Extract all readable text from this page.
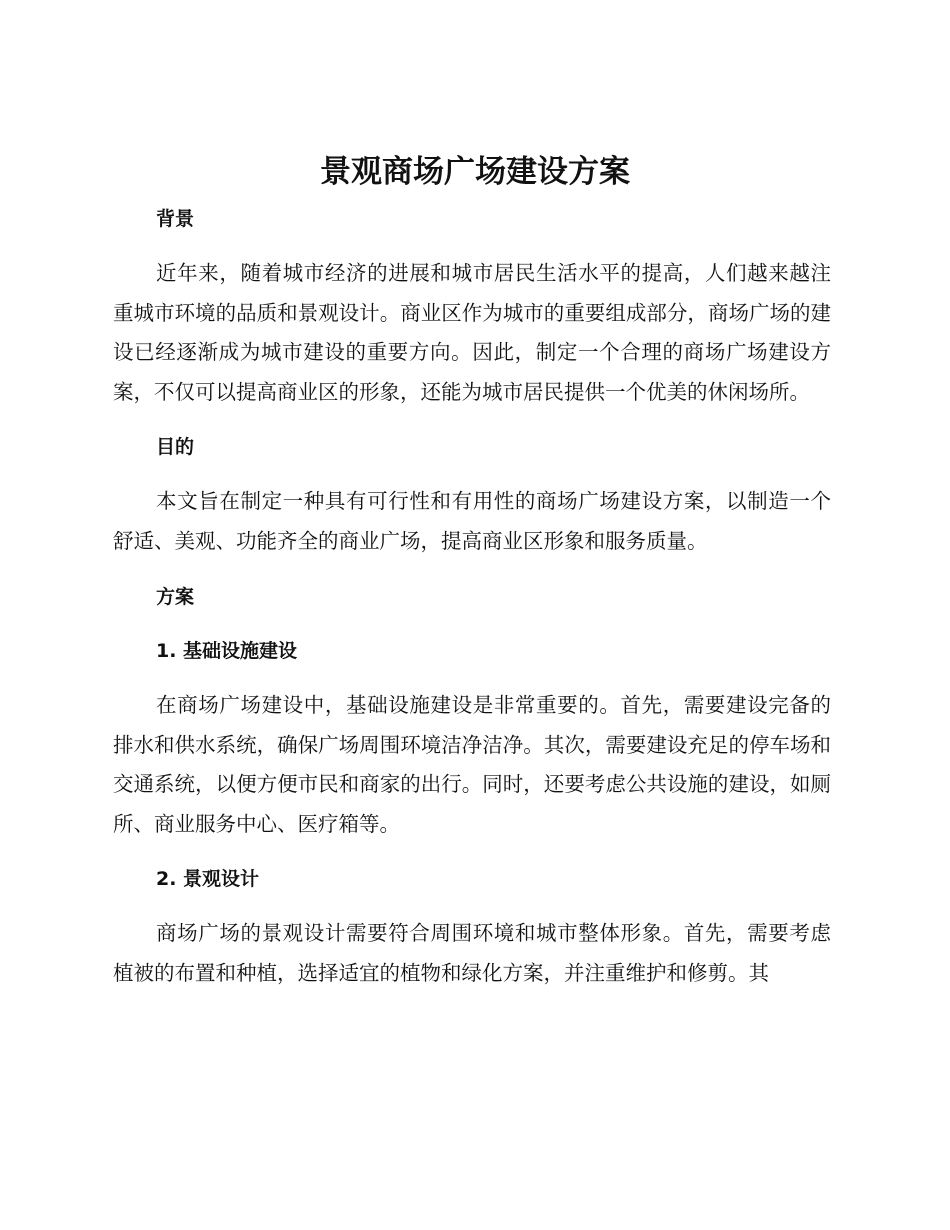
景观商场广场建设方案

背景

近年来，随着城市经济的进展和城市居民生活水平的提高，人们越来越注重城市环境的品质和景观设计。商业区作为城市的重要组成部分，商场广场的建设已经逐渐成为城市建设的重要方向。因此，制定一个合理的商场广场建设方案，不仅可以提高商业区的形象，还能为城市居民提供一个优美的休闲场所。

目的

本文旨在制定一种具有可行性和有用性的商场广场建设方案，以制造一个舒适、美观、功能齐全的商业广场，提高商业区形象和服务质量。

方案

1. 基础设施建设

在商场广场建设中，基础设施建设是非常重要的。首先，需要建设完备的排水和供水系统，确保广场周围环境洁净洁净。其次，需要建设充足的停车场和交通系统，以便方便市民和商家的出行。同时，还要考虑公共设施的建设，如厕所、商业服务中心、医疗箱等。

2. 景观设计

商场广场的景观设计需要符合周围环境和城市整体形象。首先，需要考虑植被的布置和种植，选择适宜的植物和绿化方案，并注重维护和修剪。其
